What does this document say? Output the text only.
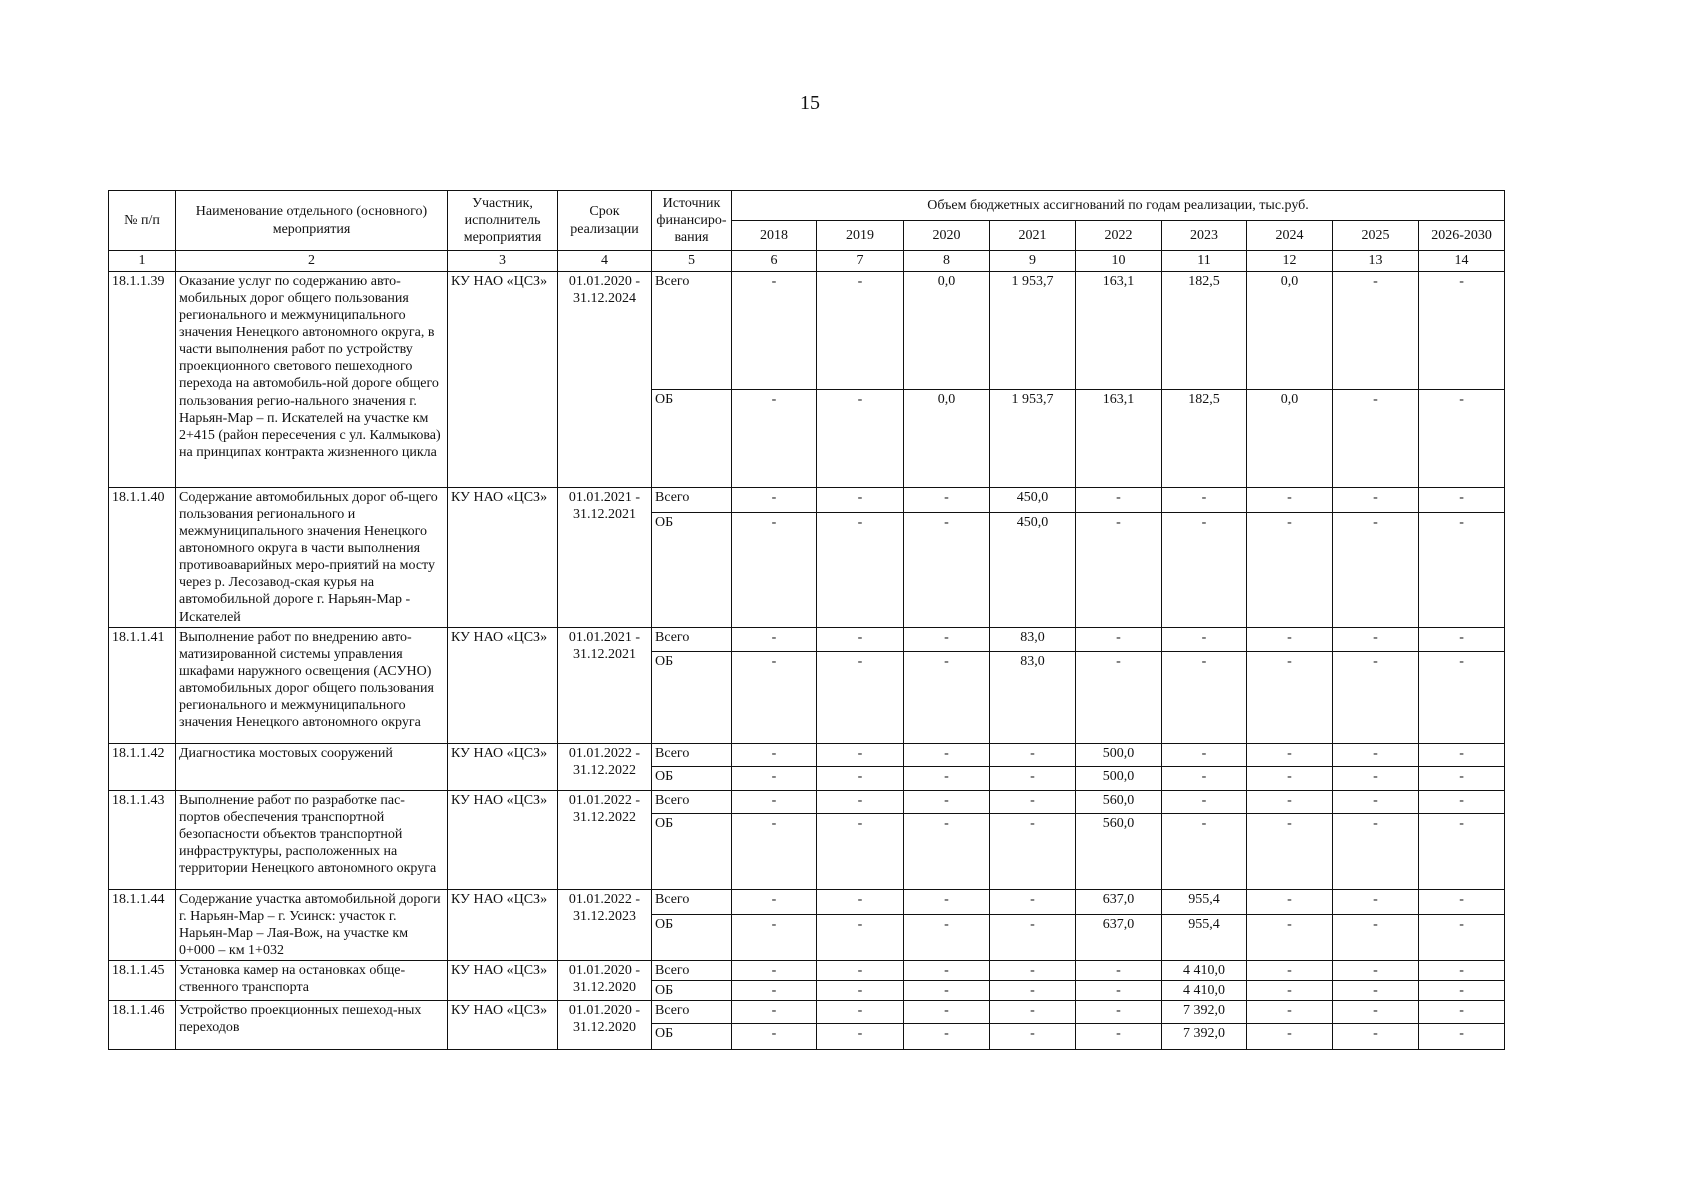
15
№ п/п	Наименование отдельного (основного) мероприятия	Участник, исполнитель мероприятия	Срок реализации	Источник финансиро-вания	Объем бюджетных ассигнований по годам реализации, тыс.руб.								
					2018	2019	2020	2021	2022	2023	2024	2025	2026-2030
1	2	3	4	5	6	7	8	9	10	11	12	13	14
18.1.1.39	Оказание услуг по содержанию авто-мобильных дорог общего пользования регионального и межмуниципального значения Ненецкого автономного округа, в части выполнения работ по устройству проекционного светового пешеходного перехода на автомобиль-ной дороге общего пользования регио-нального значения г. Нарьян-Мар – п. Искателей на участке км 2+415 (район пересечения с ул. Калмыкова) на принципах контракта жизненного цикла	КУ НАО «ЦСЗ»	01.01.2020 - 31.12.2024	Всего	-	-	0,0	1 953,7	163,1	182,5	0,0	-	-
				ОБ	-	-	0,0	1 953,7	163,1	182,5	0,0	-	-
18.1.1.40	Содержание автомобильных дорог об-щего пользования регионального и межмуниципального значения Ненецкого автономного округа в части выполнения противоаварийных меро-приятий на мосту через р. Лесозавод-ская курья на автомобильной дороге г. Нарьян-Мар - Искателей	КУ НАО «ЦСЗ»	01.01.2021 - 31.12.2021	Всего	-	-	-	450,0	-	-	-	-	-
				ОБ	-	-	-	450,0	-	-	-	-	-
18.1.1.41	Выполнение работ по внедрению авто-матизированной системы управления шкафами наружного освещения (АСУНО) автомобильных дорог общего пользования регионального и межмуниципального значения Ненецкого автономного округа	КУ НАО «ЦСЗ»	01.01.2021 - 31.12.2021	Всего	-	-	-	83,0	-	-	-	-	-
				ОБ	-	-	-	83,0	-	-	-	-	-
18.1.1.42	Диагностика мостовых сооружений	КУ НАО «ЦСЗ»	01.01.2022 - 31.12.2022	Всего	-	-	-	-	500,0	-	-	-	-
				ОБ	-	-	-	-	500,0	-	-	-	-
18.1.1.43	Выполнение работ по разработке пас-портов обеспечения транспортной безопасности объектов транспортной инфраструктуры, расположенных на территории Ненецкого автономного округа	КУ НАО «ЦСЗ»	01.01.2022 - 31.12.2022	Всего	-	-	-	-	560,0	-	-	-	-
				ОБ	-	-	-	-	560,0	-	-	-	-
18.1.1.44	Содержание участка автомобильной дороги г. Нарьян-Мар – г. Усинск: участок г. Нарьян-Мар – Лая-Вож, на участке км 0+000 – км 1+032	КУ НАО «ЦСЗ»	01.01.2022 - 31.12.2023	Всего	-	-	-	-	637,0	955,4	-	-	-
				ОБ	-	-	-	-	637,0	955,4	-	-	-
18.1.1.45	Установка камер на остановках обще-ственного транспорта	КУ НАО «ЦСЗ»	01.01.2020 - 31.12.2020	Всего	-	-	-	-	-	4 410,0	-	-	-
				ОБ	-	-	-	-	-	4 410,0	-	-	-
18.1.1.46	Устройство проекционных пешеход-ных переходов	КУ НАО «ЦСЗ»	01.01.2020 - 31.12.2020	Всего	-	-	-	-	-	7 392,0	-	-	-
				ОБ	-	-	-	-	-	7 392,0	-	-	-
